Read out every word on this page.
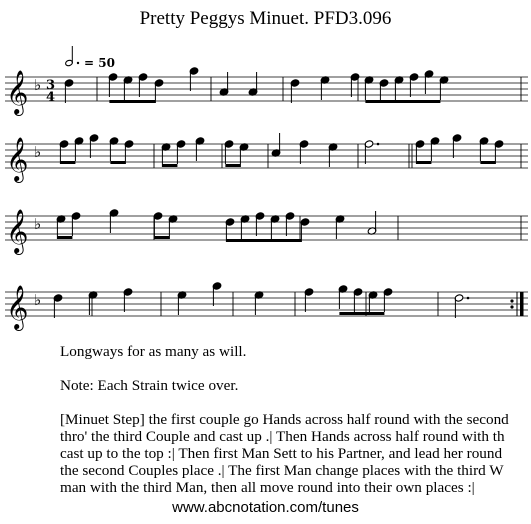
Pretty Peggys Minuet. PFD3.096
𝄞 ♭
𝄞 ♭
𝄞 ♭
𝄞 ♭
3
4
= 50
Longways for as many as will.
Note: Each Strain twice over.
[Minuet Step] the first couple go Hands across half round with the second
thro' the third Couple and cast up .| Then Hands across half round with th
cast up to the top :| Then first Man Sett to his Partner, and lead her round
the second Couples place .| The first Man change places with the third W
man with the third Man, then all move round into their own places :|
www.abcnotation.com/tunes
